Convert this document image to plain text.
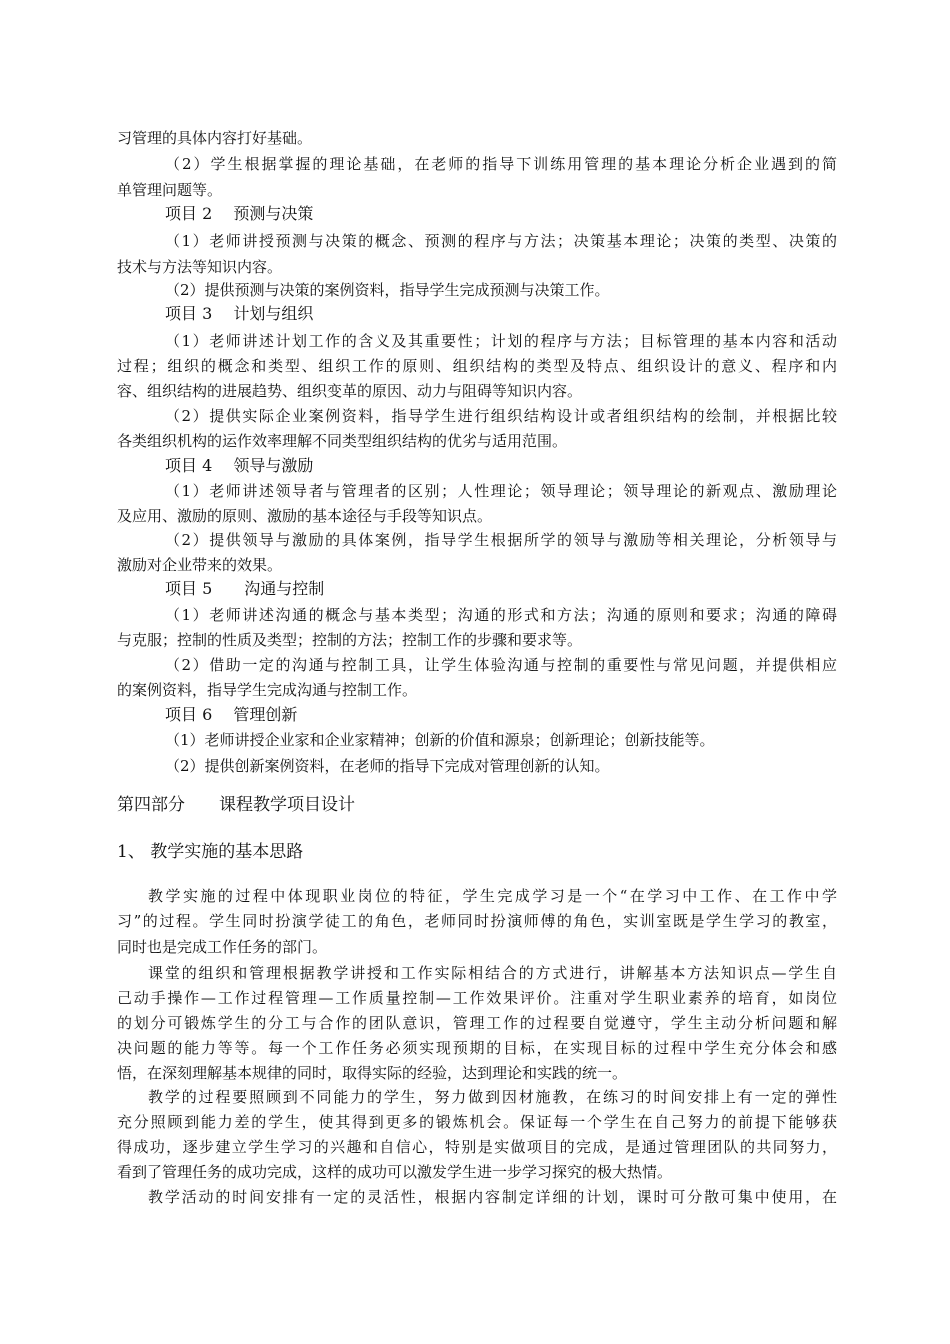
习管理的具体内容打好基础。
（2）学生根据掌握的理论基础，在老师的指导下训练用管理的基本理论分析企业遇到的简
单管理问题等。
项目 2　 预测与决策
（1）老师讲授预测与决策的概念、预测的程序与方法；决策基本理论；决策的类型、决策的
技术与方法等知识内容。
（2）提供预测与决策的案例资料，指导学生完成预测与决策工作。
项目 3　 计划与组织
（1）老师讲述计划工作的含义及其重要性；计划的程序与方法；目标管理的基本内容和活动
过程；组织的概念和类型、组织工作的原则、组织结构的类型及特点、组织设计的意义、程序和内
容、组织结构的进展趋势、组织变革的原因、动力与阻碍等知识内容。
（2）提供实际企业案例资料，指导学生进行组织结构设计或者组织结构的绘制，并根据比较
各类组织机构的运作效率理解不同类型组织结构的优劣与适用范围。
项目 4　 领导与激励
（1）老师讲述领导者与管理者的区别；人性理论；领导理论；领导理论的新观点、激励理论
及应用、激励的原则、激励的基本途径与手段等知识点。
（2）提供领导与激励的具体案例，指导学生根据所学的领导与激励等相关理论，分析领导与
激励对企业带来的效果。
项目 5　　沟通与控制
（1）老师讲述沟通的概念与基本类型；沟通的形式和方法；沟通的原则和要求；沟通的障碍
与克服；控制的性质及类型；控制的方法；控制工作的步骤和要求等。
（2）借助一定的沟通与控制工具，让学生体验沟通与控制的重要性与常见问题，并提供相应
的案例资料，指导学生完成沟通与控制工作。
项目 6　 管理创新
（1）老师讲授企业家和企业家精神；创新的价值和源泉；创新理论；创新技能等。
（2）提供创新案例资料，在老师的指导下完成对管理创新的认知。
第四部分　　课程教学项目设计
1、 教学实施的基本思路
教学实施的过程中体现职业岗位的特征，学生完成学习是一个“在学习中工作、在工作中学
习”的过程。学生同时扮演学徒工的角色，老师同时扮演师傅的角色，实训室既是学生学习的教室，
同时也是完成工作任务的部门。
课堂的组织和管理根据教学讲授和工作实际相结合的方式进行，讲解基本方法知识点—学生自
己动手操作—工作过程管理—工作质量控制—工作效果评价。注重对学生职业素养的培育，如岗位
的划分可锻炼学生的分工与合作的团队意识，管理工作的过程要自觉遵守，学生主动分析问题和解
决问题的能力等等。每一个工作任务必须实现预期的目标，在实现目标的过程中学生充分体会和感
悟，在深刻理解基本规律的同时，取得实际的经验，达到理论和实践的统一。
教学的过程要照顾到不同能力的学生，努力做到因材施教，在练习的时间安排上有一定的弹性
充分照顾到能力差的学生，使其得到更多的锻炼机会。保证每一个学生在自己努力的前提下能够获
得成功，逐步建立学生学习的兴趣和自信心，特别是实做项目的完成，是通过管理团队的共同努力，
看到了管理任务的成功完成，这样的成功可以激发学生进一步学习探究的极大热情。
教学活动的时间安排有一定的灵活性，根据内容制定详细的计划，课时可分散可集中使用，在
